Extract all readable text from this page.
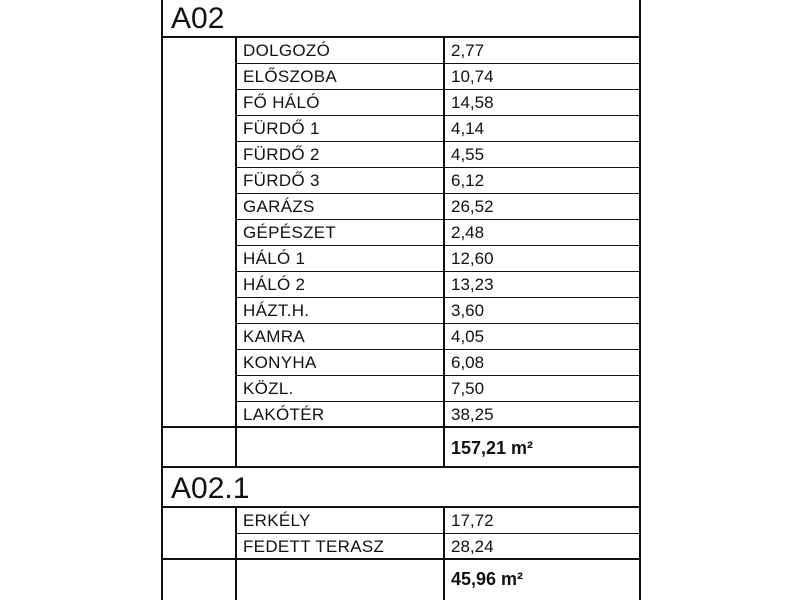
A02
DOLGOZÓ	2,77
ELŐSZOBA	10,74
FŐ HÁLÓ	14,58
FÜRDŐ 1	4,14
FÜRDŐ 2	4,55
FÜRDŐ 3	6,12
GARÁZS	26,52
GÉPÉSZET	2,48
HÁLÓ 1	12,60
HÁLÓ 2	13,23
HÁZT.H.	3,60
KAMRA	4,05
KONYHA	6,08
KÖZL.	7,50
LAKÓTÉR	38,25
157,21 m²
A02.1
ERKÉLY	17,72
FEDETT TERASZ	28,24
45,96 m²
